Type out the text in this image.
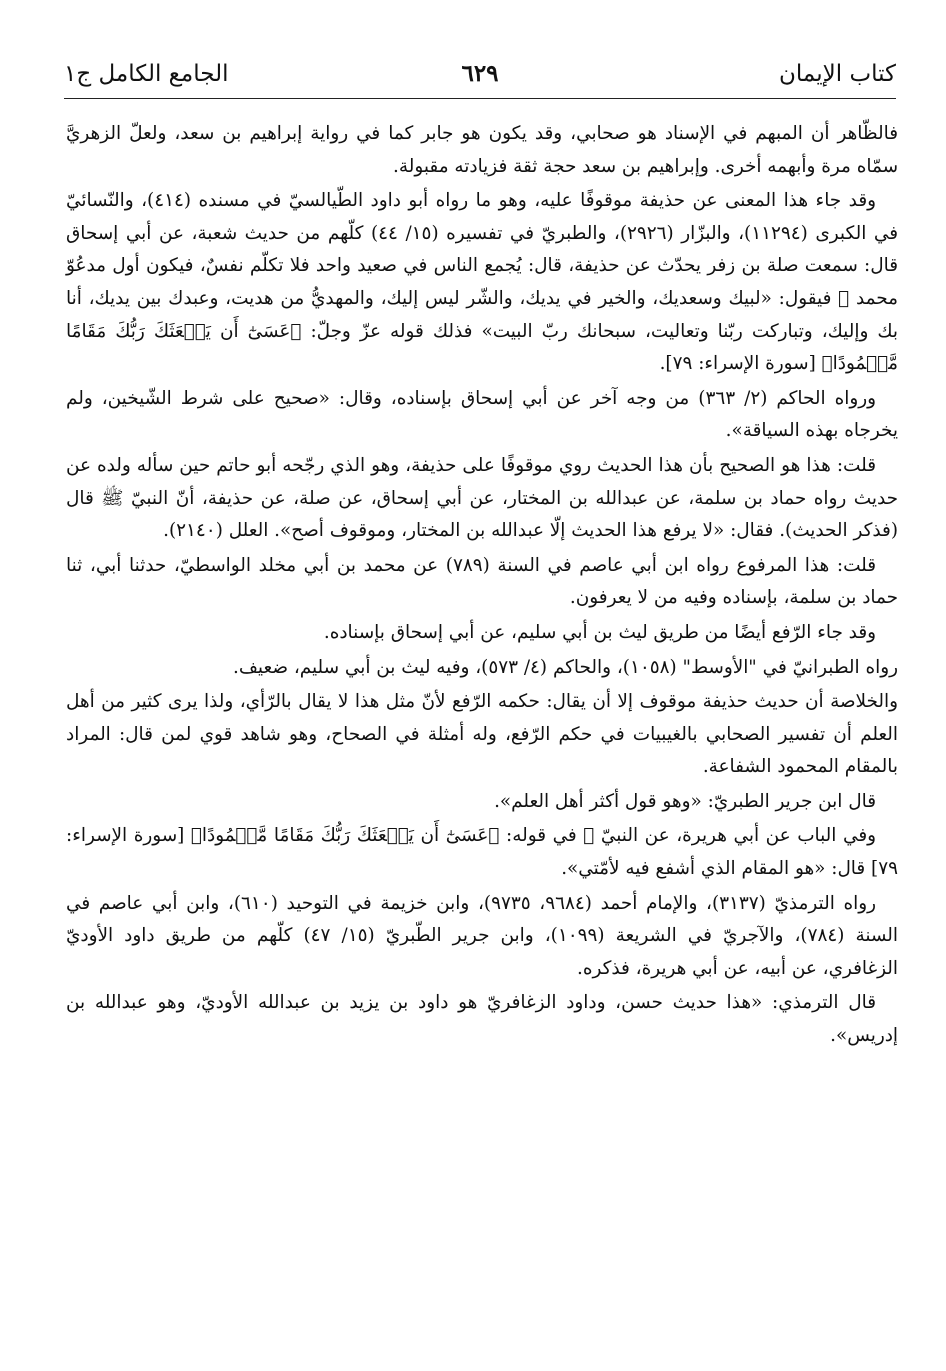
كتاب الإيمان
٦٢٩
الجامع الكامل ج١

فالظّاهر أن المبهم في الإسناد هو صحابي، وقد يكون هو جابر كما في رواية إبراهيم بن سعد، ولعلّ الزهريَّ سمّاه مرة وأبهمه أخرى. وإبراهيم بن سعد حجة ثقة فزيادته مقبولة.

وقد جاء هذا المعنى عن حذيفة موقوفًا عليه، وهو ما رواه أبو داود الطّيالسيّ في مسنده (٤١٤)، والنّسائيّ في الكبرى (١١٢٩٤)، والبزّار (٢٩٢٦)، والطبريّ في تفسيره (١٥/ ٤٤) كلّهم من حديث شعبة، عن أبي إسحاق قال: سمعت صلة بن زفر يحدّث عن حذيفة، قال: يُجمع الناس في صعيد واحد فلا تكلّم نفسٌ، فيكون أول مدعُوّ محمد ﷺ فيقول: «لبيك وسعديك، والخير في يديك، والشّر ليس إليك، والمهديُّ من هديت، وعبدك بين يديك، أنا بك وإليك، وتباركت ربّنا وتعاليت، سبحانك ربّ البيت» فذلك قوله عزّ وجلّ: ﴿عَسَىٰٓ أَن يَبۡعَثَكَ رَبُّكَ مَقَامًا مَّحۡمُودًا﴾ [سورة الإسراء: ٧٩].

ورواه الحاكم (٢/ ٣٦٣) من وجه آخر عن أبي إسحاق بإسناده، وقال: «صحيح على شرط الشّيخين، ولم يخرجاه بهذه السياقة».

قلت: هذا هو الصحيح بأن هذا الحديث روي موقوفًا على حذيفة، وهو الذي رجّحه أبو حاتم حين سأله ولده عن حديث رواه حماد بن سلمة، عن عبدالله بن المختار، عن أبي إسحاق، عن صلة، عن حذيفة، أنّ النبيّ ﷺ قال (فذكر الحديث). فقال: «لا يرفع هذا الحديث إلّا عبدالله بن المختار، وموقوف أصح». العلل (٢١٤٠).

قلت: هذا المرفوع رواه ابن أبي عاصم في السنة (٧٨٩) عن محمد بن أبي مخلد الواسطيّ، حدثنا أبي، ثنا حماد بن سلمة، بإسناده وفيه من لا يعرفون.

وقد جاء الرّفع أيضًا من طريق ليث بن أبي سليم، عن أبي إسحاق بإسناده.

رواه الطبرانيّ في "الأوسط" (١٠٥٨)، والحاكم (٤/ ٥٧٣)، وفيه ليث بن أبي سليم، ضعيف.

والخلاصة أن حديث حذيفة موقوف إلا أن يقال: حكمه الرّفع لأنّ مثل هذا لا يقال بالرّأي، ولذا يرى كثير من أهل العلم أن تفسير الصحابي بالغيبيات في حكم الرّفع، وله أمثلة في الصحاح، وهو شاهد قوي لمن قال: المراد بالمقام المحمود الشفاعة.

قال ابن جرير الطبريّ: «وهو قول أكثر أهل العلم».

وفي الباب عن أبي هريرة، عن النبيّ ﷺ في قوله: ﴿عَسَىٰٓ أَن يَبۡعَثَكَ رَبُّكَ مَقَامًا مَّحۡمُودًا﴾ [سورة الإسراء: ٧٩] قال: «هو المقام الذي أشفع فيه لأمّتي».

رواه الترمذيّ (٣١٣٧)، والإمام أحمد (٩٦٨٤، ٩٧٣٥)، وابن خزيمة في التوحيد (٦١٠)، وابن أبي عاصم في السنة (٧٨٤)، والآجريّ في الشريعة (١٠٩٩)، وابن جرير الطّبريّ (١٥/ ٤٧) كلّهم من طريق داود الأوديّ الزغافري، عن أبيه، عن أبي هريرة، فذكره.

قال الترمذي: «هذا حديث حسن، وداود الزغافريّ هو داود بن يزيد بن عبدالله الأوديّ، وهو عبدالله بن إدريس».
